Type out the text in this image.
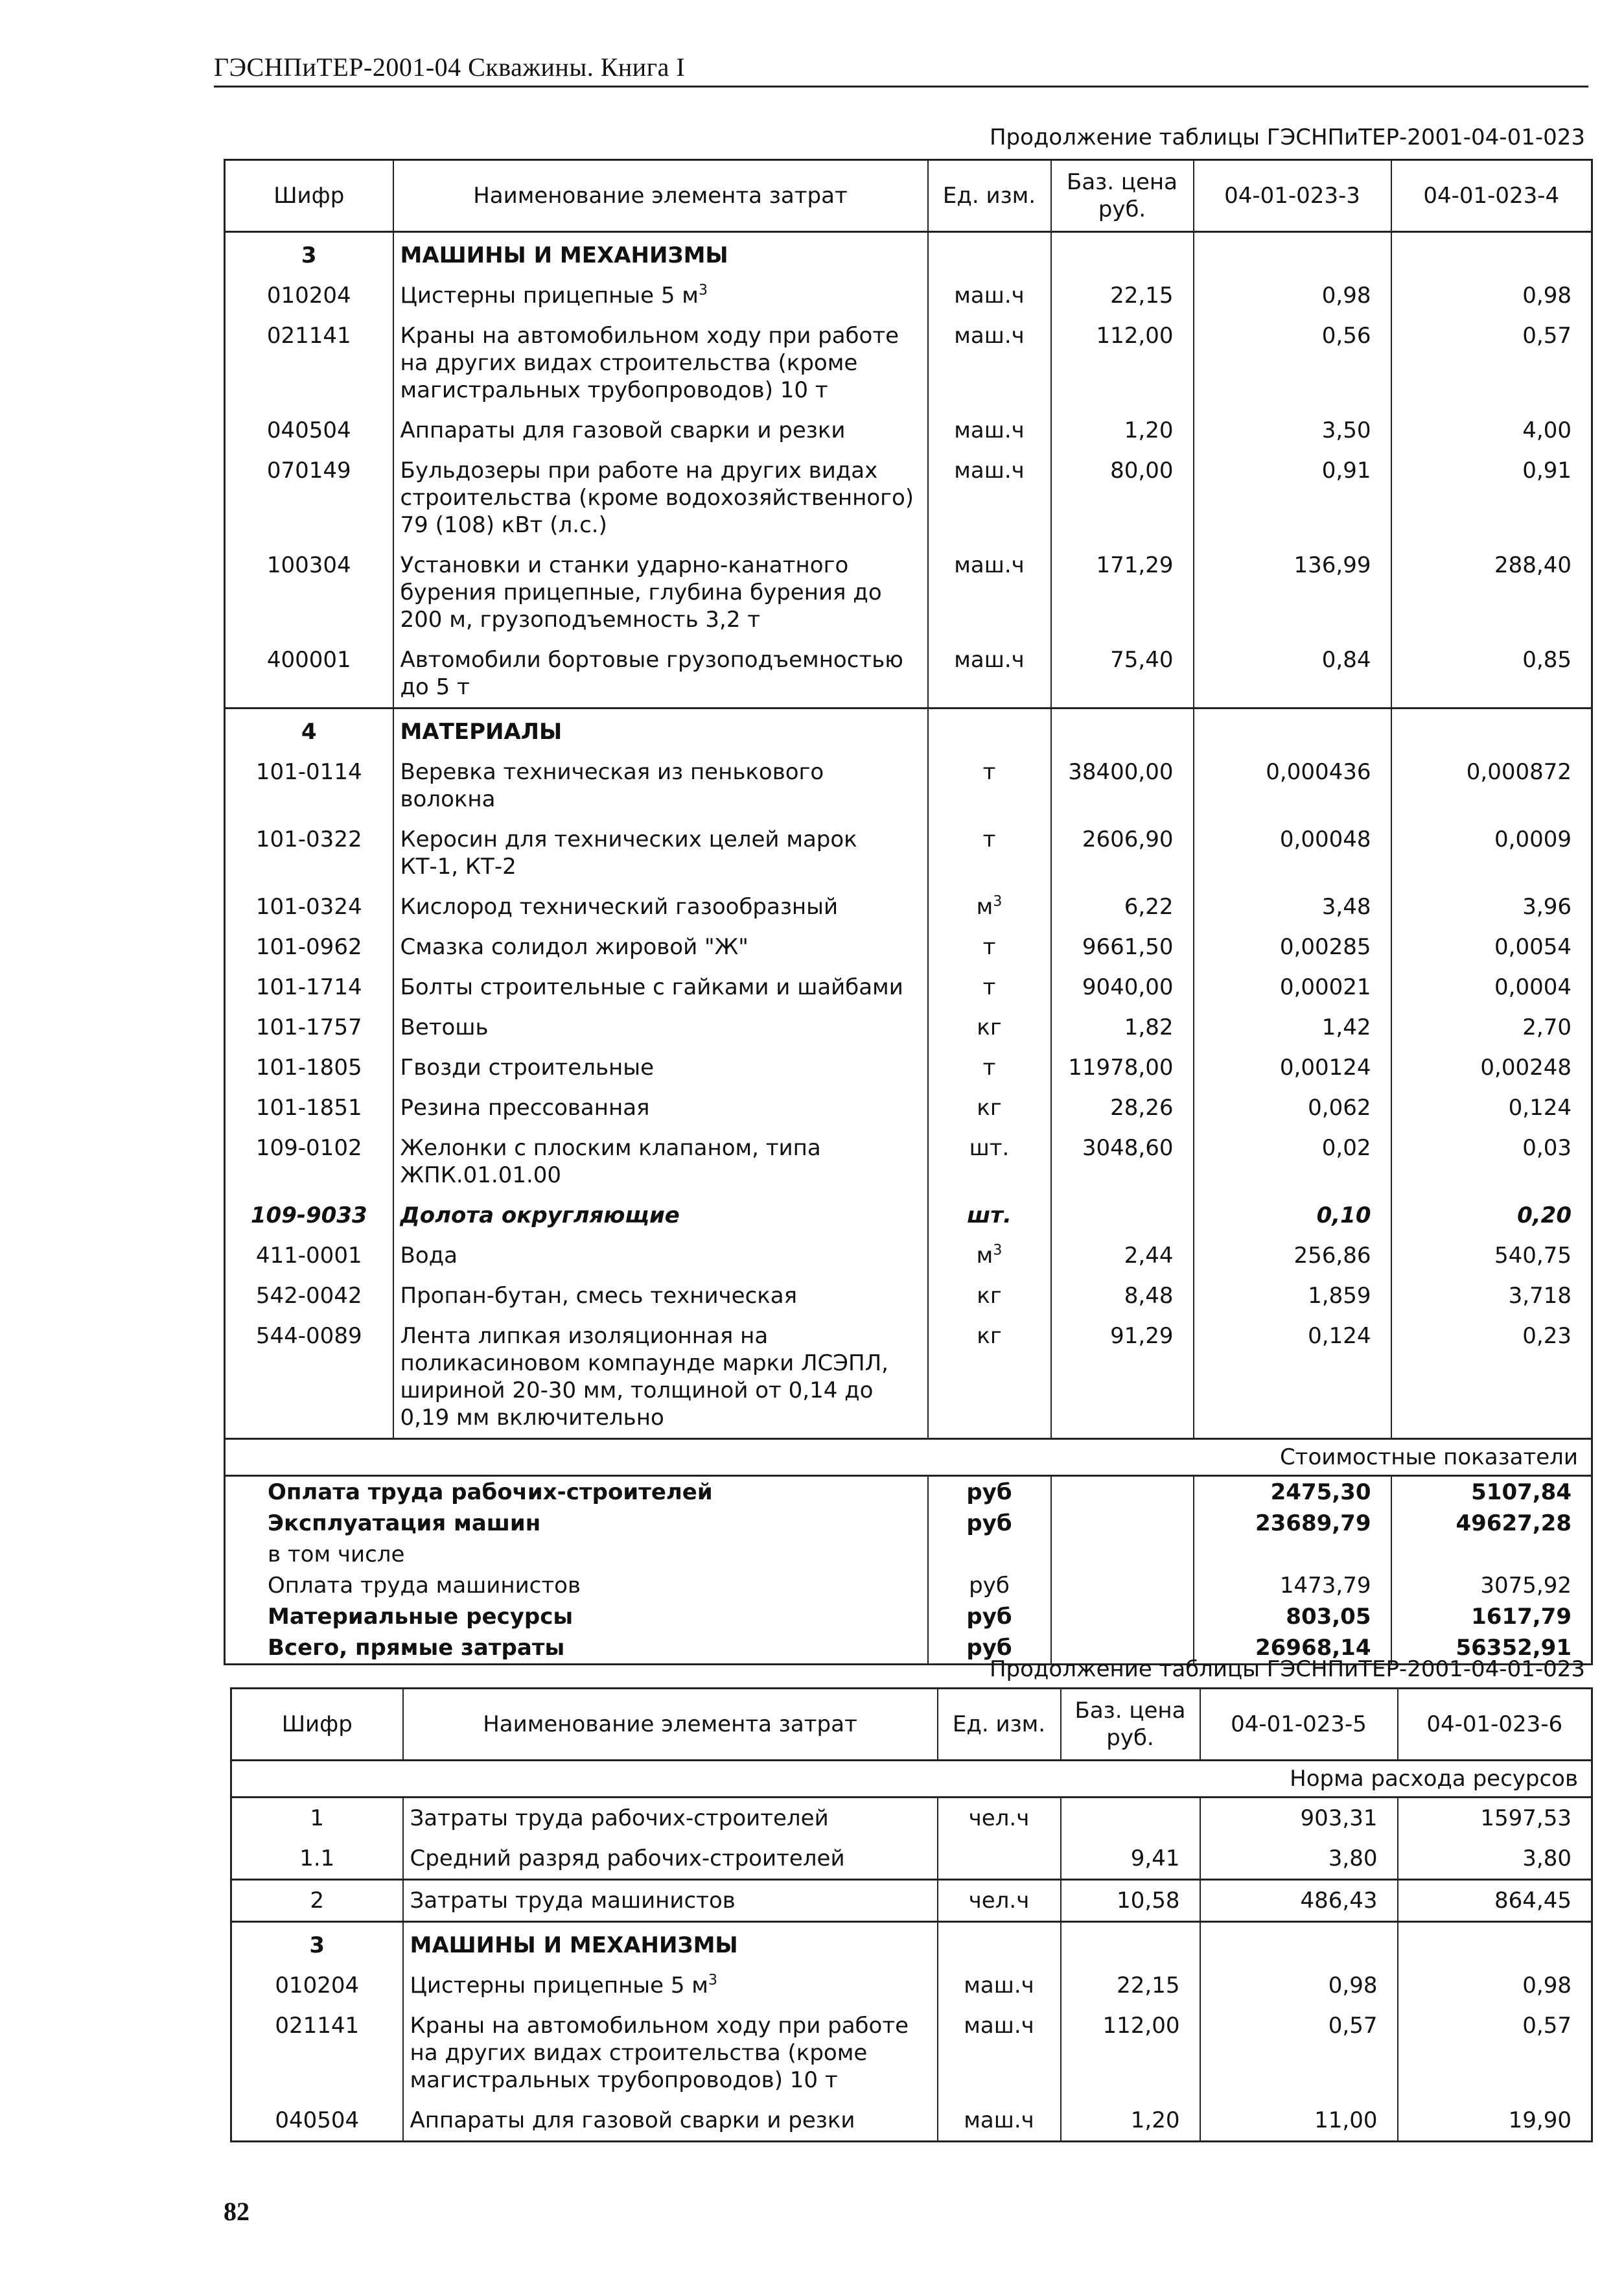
ГЭСНПиТЕР-2001-04 Скважины. Книга I
Продолжение таблицы ГЭСНПиТЕР-2001-04-01-023
Шифр	Наименование элемента затрат	Ед. изм.	Баз. цена руб.	04-01-023-3	04-01-023-4
3	МАШИНЫ И МЕХАНИЗМЫ				
010204	Цистерны прицепные 5 $м^3$	маш.ч	22,15	0,98	0,98
021141	Краны на автомобильном ходу при работе на других видах строительства (кроме магистральных трубопроводов) 10 т	маш.ч	112,00	0,56	0,57
040504	Аппараты для газовой сварки и резки	маш.ч	1,20	3,50	4,00
070149	Бульдозеры при работе на других видах строительства (кроме водохозяйственного) 79 (108) кВт (л.с.)	маш.ч	80,00	0,91	0,91
100304	Установки и станки ударно-канатного бурения прицепные, глубина бурения до 200 м, грузоподъемность 3,2 т	маш.ч	171,29	136,99	288,40
400001	Автомобили бортовые грузоподъемностью до 5 т	маш.ч	75,40	0,84	0,85
4	МАТЕРИАЛЫ				
101-0114	Веревка техническая из пенькового волокна	т	38400,00	0,000436	0,000872
101-0322	Керосин для технических целей марок КТ-1, КТ-2	т	2606,90	0,00048	0,0009
101-0324	Кислород технический газообразный	$м^3$	6,22	3,48	3,96
101-0962	Смазка солидол жировой "Ж"	т	9661,50	0,00285	0,0054
101-1714	Болты строительные с гайками и шайбами	т	9040,00	0,00021	0,0004
101-1757	Ветошь	кг	1,82	1,42	2,70
101-1805	Гвозди строительные	т	11978,00	0,00124	0,00248
101-1851	Резина прессованная	кг	28,26	0,062	0,124
109-0102	Желонки с плоским клапаном, типа ЖПК.01.01.00	шт.	3048,60	0,02	0,03
109-9033	Долота округляющие	шт.		0,10	0,20
411-0001	Вода	$м^3$	2,44	256,86	540,75
542-0042	Пропан-бутан, смесь техническая	кг	8,48	1,859	3,718
544-0089	Лента липкая изоляционная на поликасиновом компаунде марки ЛСЭПЛ, шириной 20-30 мм, толщиной от 0,14 до 0,19 мм включительно	кг	91,29	0,124	0,23
Стоимостные показатели					
Оплата труда рабочих-строителей		руб		2475,30	5107,84
Эксплуатация машин		руб		23689,79	49627,28
в том числе					
Оплата труда машинистов		руб		1473,79	3075,92
Материальные ресурсы		руб		803,05	1617,79
Всего, прямые затраты		руб		26968,14	56352,91
Продолжение таблицы ГЭСНПиТЕР-2001-04-01-023
Шифр	Наименование элемента затрат	Ед. изм.	Баз. цена руб.	04-01-023-5	04-01-023-6
Норма расхода ресурсов					
1	Затраты труда рабочих-строителей	чел.ч		903,31	1597,53
1.1	Средний разряд рабочих-строителей		9,41	3,80	3,80
2	Затраты труда машинистов	чел.ч	10,58	486,43	864,45
3	МАШИНЫ И МЕХАНИЗМЫ				
010204	Цистерны прицепные 5 $м^3$	маш.ч	22,15	0,98	0,98
021141	Краны на автомобильном ходу при работе на других видах строительства (кроме магистральных трубопроводов) 10 т	маш.ч	112,00	0,57	0,57
040504	Аппараты для газовой сварки и резки	маш.ч	1,20	11,00	19,90
82
